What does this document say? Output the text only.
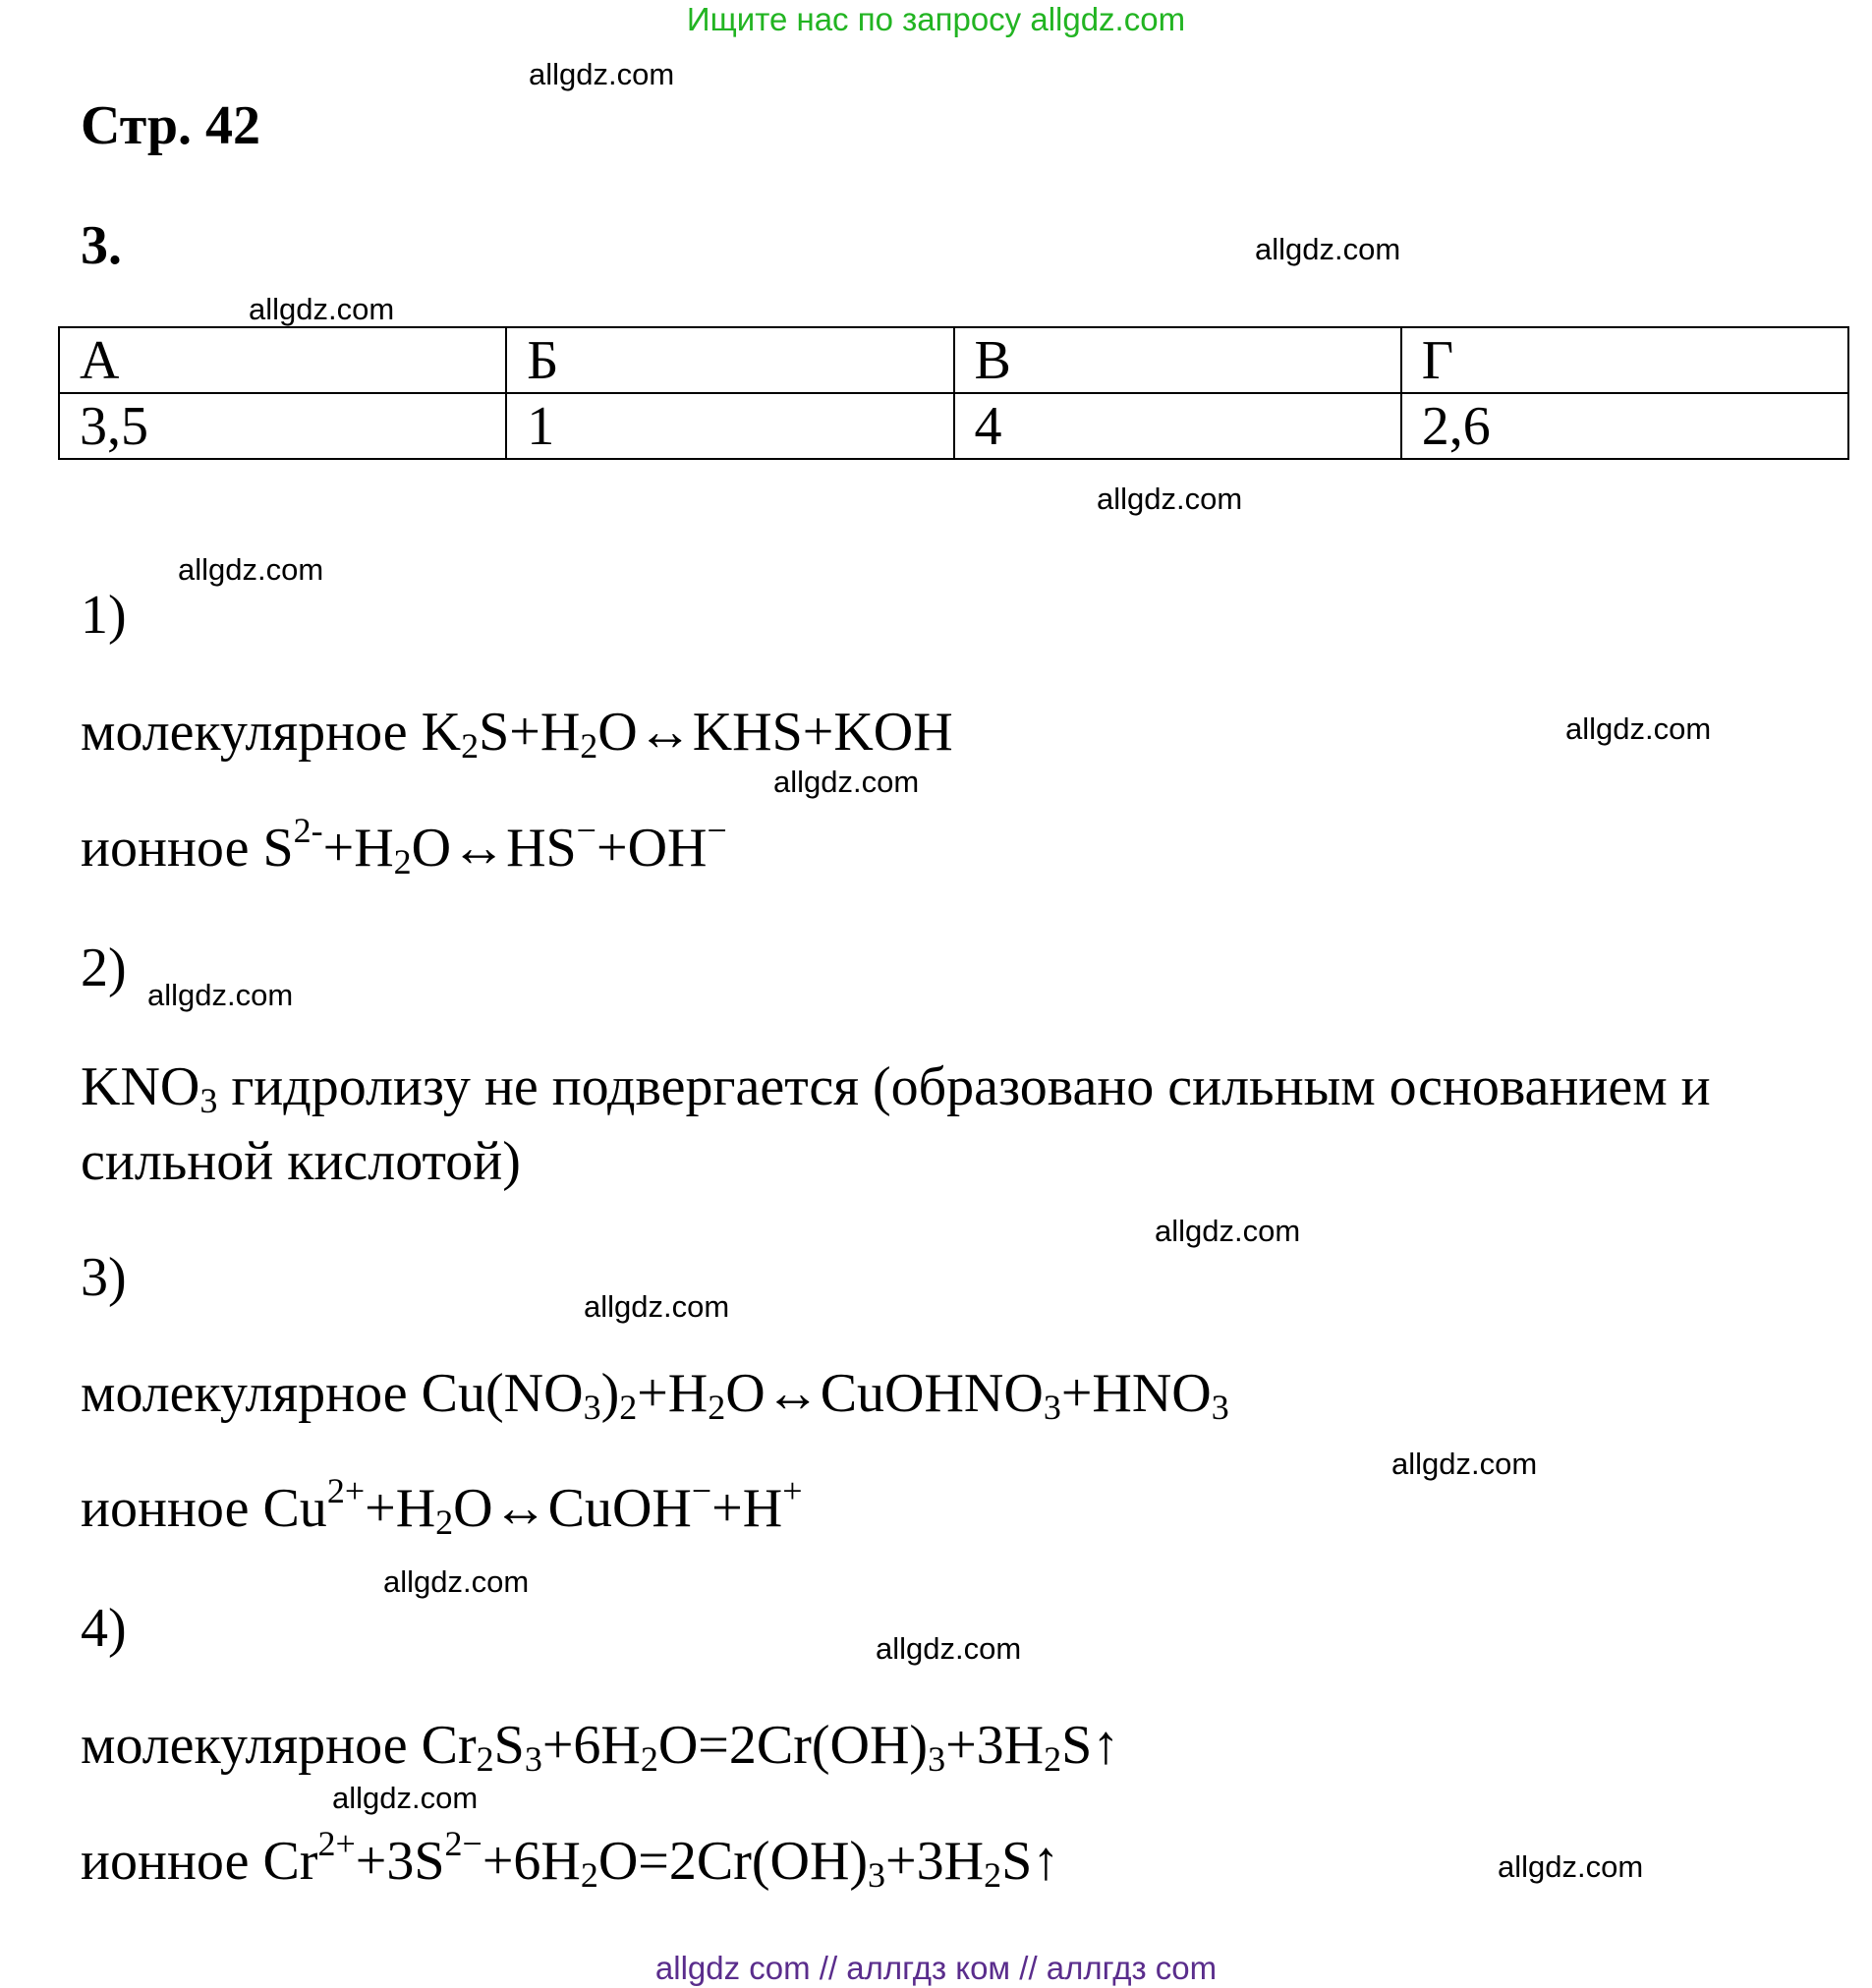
Ищите нас по запросу allgdz.com
allgdz.com
allgdz.com
allgdz.com
allgdz.com
allgdz.com
allgdz.com
allgdz.com
allgdz.com
allgdz.com
allgdz.com
allgdz.com
allgdz.com
allgdz.com
allgdz.com
allgdz.com
Стр. 42
3.
А	Б	В	Г
3,5	1	4	2,6
1)
молекулярное $K_2S+H_2O\leftrightarrow KHS+KOH$
ионное $S^{2-}+H_2O\leftrightarrow HS^-+OH^-$
2)
$KNO_3$ гидролизу не подвергается (образовано сильным основанием и сильной кислотой)
3)
молекулярное $Cu(NO_3)_2+H_2O\leftrightarrow CuOHNO_3+HNO_3$
ионное $Cu^{2+}+H_2O\leftrightarrow CuOH^-+H^+$
4)
молекулярное $Cr_2S_3+6H_2O=2Cr(OH)_3+3H_2S↑$
ионное $Cr^{2+}+3S^{2-}+6H_2O=2Cr(OH)_3+3H_2S↑$
allgdz com // аллгдз ком // аллгдз com
